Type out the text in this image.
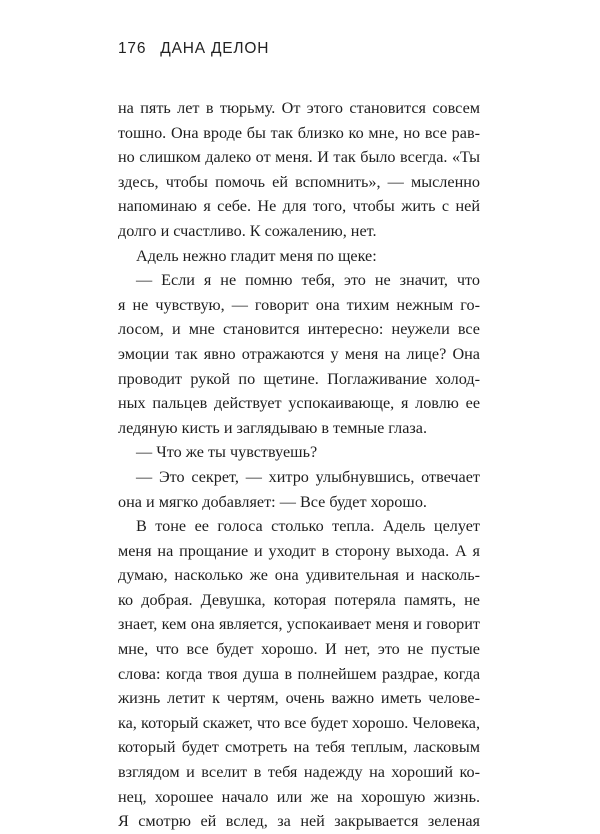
176 ДАНА ДЕЛОН
на пять лет в тюрьму. От этого становится совсем
тошно. Она вроде бы так близко ко мне, но все рав-
но слишком далеко от меня. И так было всегда. «Ты
здесь, чтобы помочь ей вспомнить», — мысленно
напоминаю я себе. Не для того, чтобы жить с ней
долго и счастливо. К сожалению, нет.
Адель нежно гладит меня по щеке:
— Если я не помню тебя, это не значит, что
я не чувствую, — говорит она тихим нежным го-
лосом, и мне становится интересно: неужели все
эмоции так явно отражаются у меня на лице? Она
проводит рукой по щетине. Поглаживание холод-
ных пальцев действует успокаивающе, я ловлю ее
ледяную кисть и заглядываю в темные глаза.
— Что же ты чувствуешь?
— Это секрет, — хитро улыбнувшись, отвечает
она и мягко добавляет: — Все будет хорошо.
В тоне ее голоса столько тепла. Адель целует
меня на прощание и уходит в сторону выхода. А я
думаю, насколько же она удивительная и насколь-
ко добрая. Девушка, которая потеряла память, не
знает, кем она является, успокаивает меня и говорит
мне, что все будет хорошо. И нет, это не пустые
слова: когда твоя душа в полнейшем раздрае, когда
жизнь летит к чертям, очень важно иметь челове-
ка, который скажет, что все будет хорошо. Человека,
который будет смотреть на тебя теплым, ласковым
взглядом и вселит в тебя надежду на хороший ко-
нец, хорошее начало или же на хорошую жизнь.
Я смотрю ей вслед, за ней закрывается зеленая
